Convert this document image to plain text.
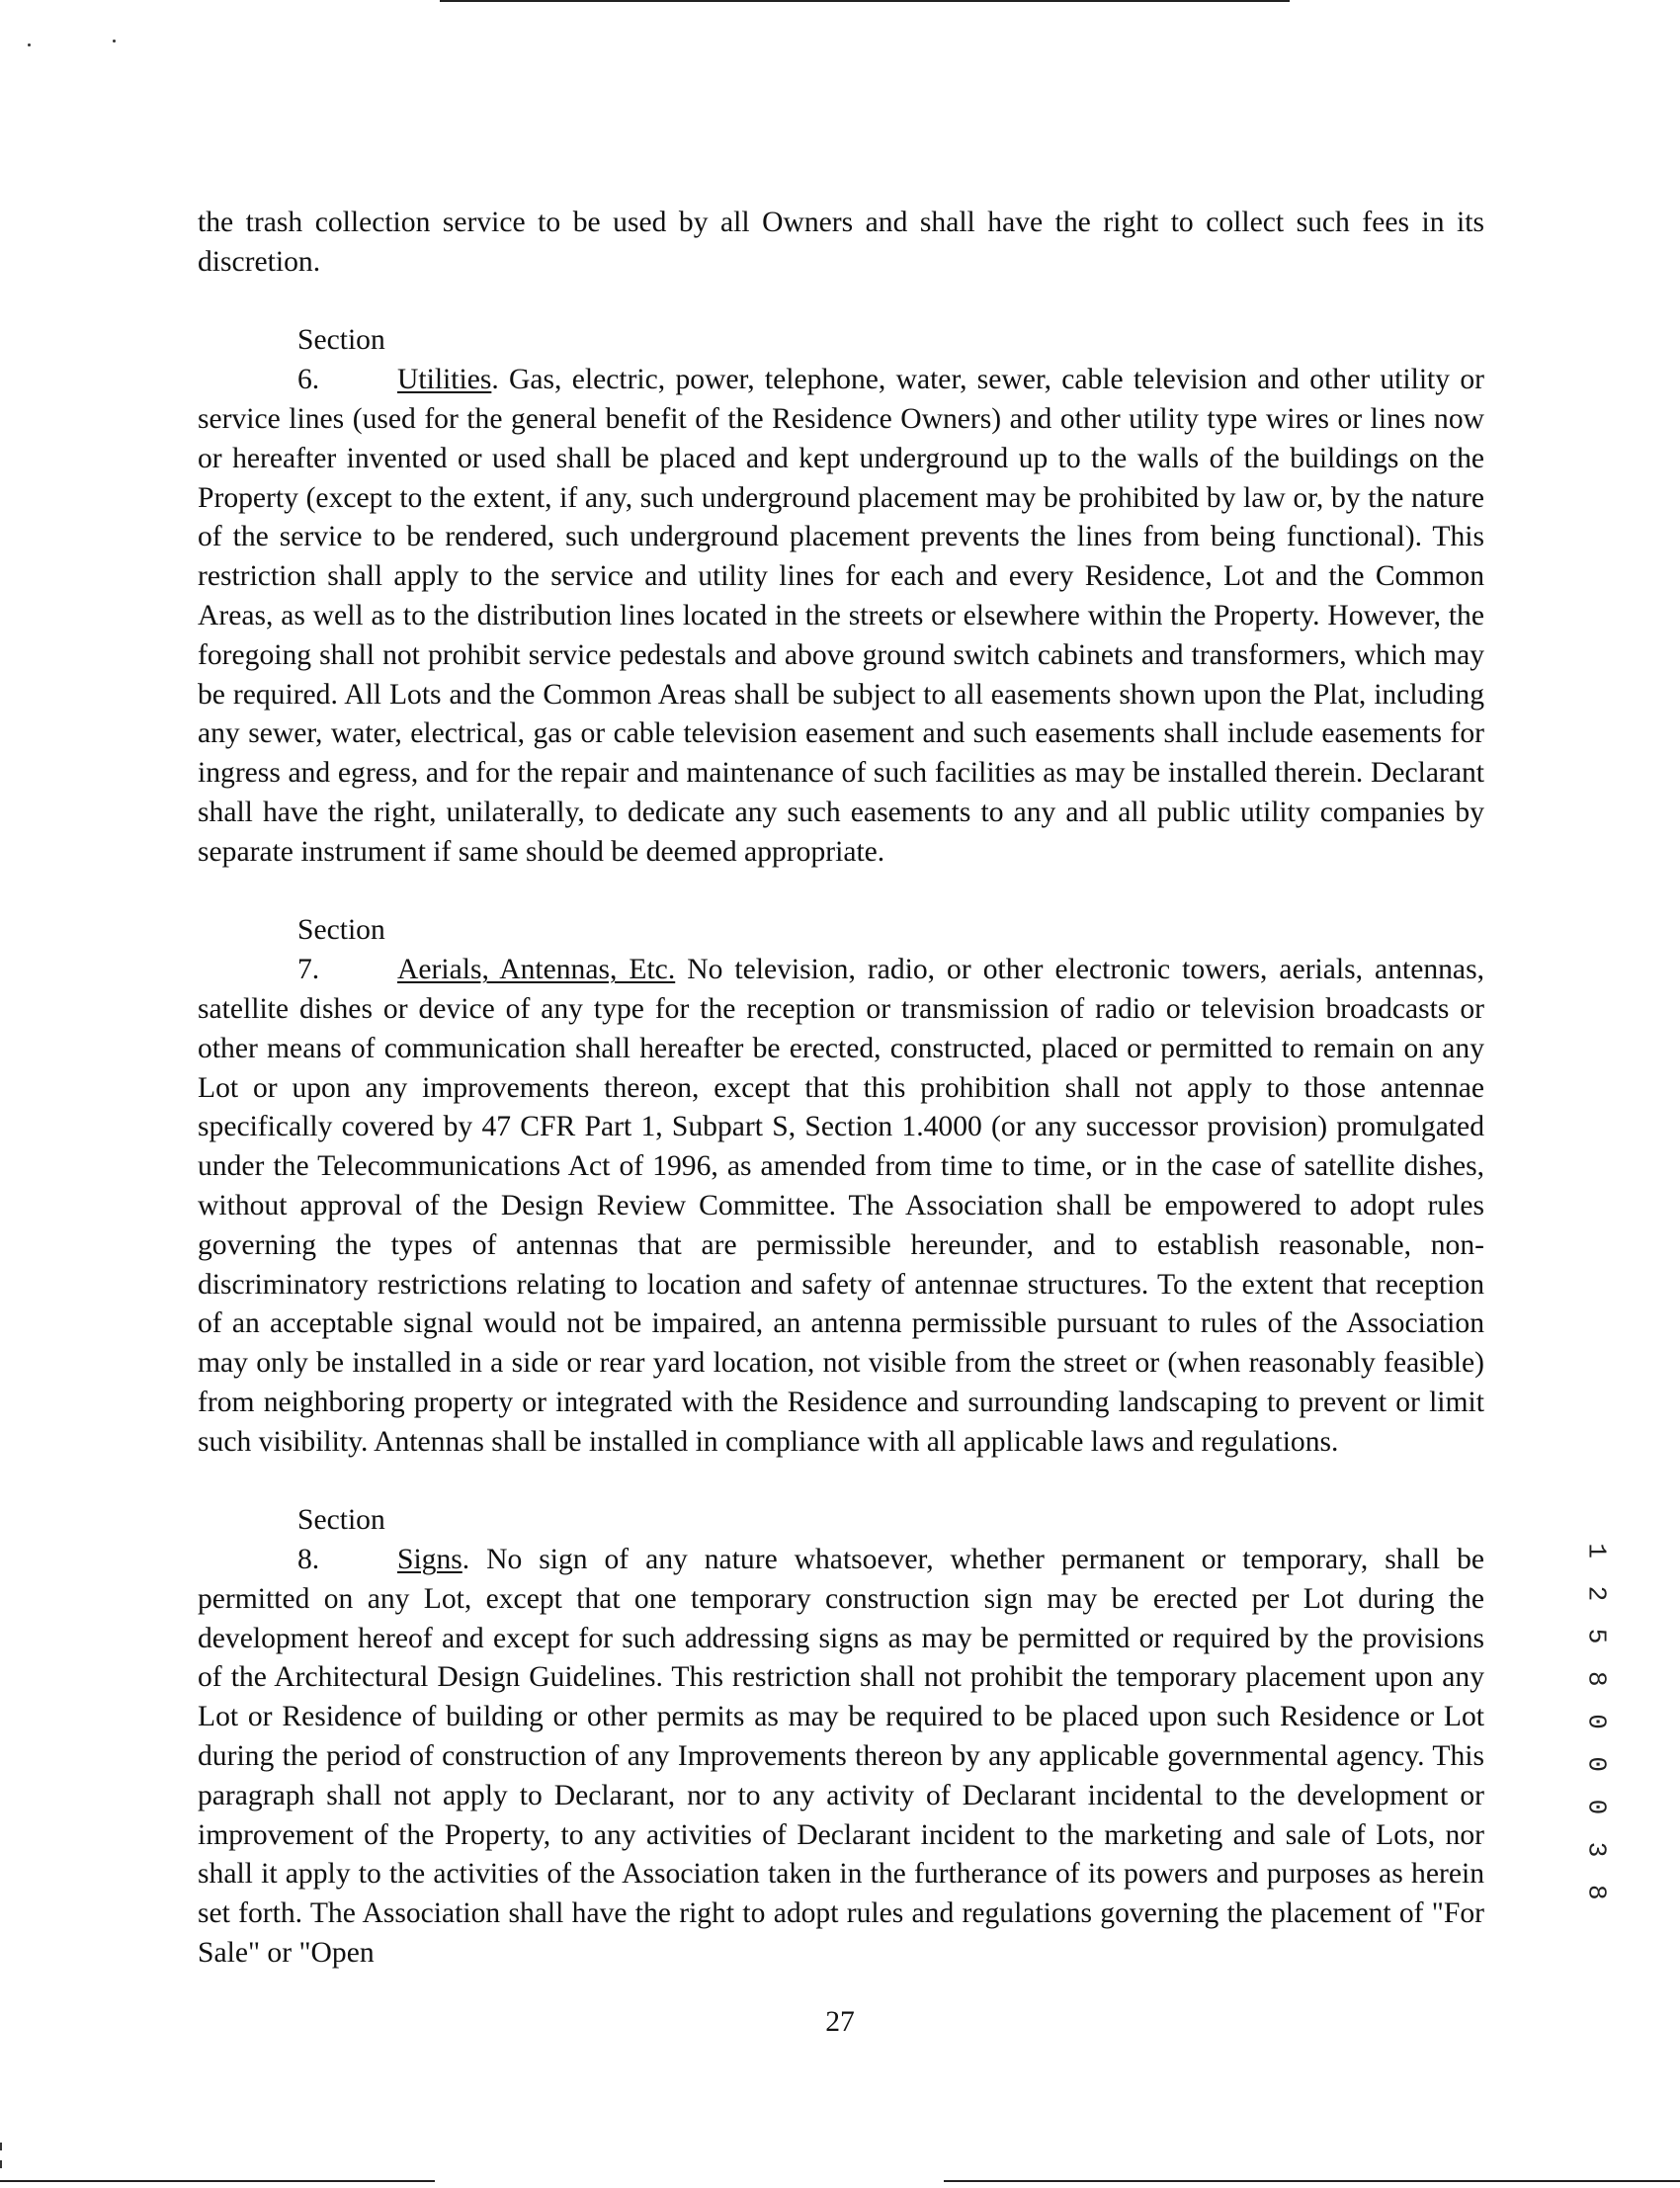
the trash collection service to be used by all Owners and shall have the right to collect such fees in its discretion.

Section 6.	Utilities. Gas, electric, power, telephone, water, sewer, cable television and other utility or service lines (used for the general benefit of the Residence Owners) and other utility type wires or lines now or hereafter invented or used shall be placed and kept underground up to the walls of the buildings on the Property (except to the extent, if any, such underground placement may be prohibited by law or, by the nature of the service to be rendered, such underground placement prevents the lines from being functional). This restriction shall apply to the service and utility lines for each and every Residence, Lot and the Common Areas, as well as to the distribution lines located in the streets or elsewhere within the Property. However, the foregoing shall not prohibit service pedestals and above ground switch cabinets and transformers, which may be required. All Lots and the Common Areas shall be subject to all easements shown upon the Plat, including any sewer, water, electrical, gas or cable television easement and such easements shall include easements for ingress and egress, and for the repair and maintenance of such facilities as may be installed therein. Declarant shall have the right, unilaterally, to dedicate any such easements to any and all public utility companies by separate instrument if same should be deemed appropriate.

Section 7.	Aerials, Antennas, Etc. No television, radio, or other electronic towers, aerials, antennas, satellite dishes or device of any type for the reception or transmission of radio or television broadcasts or other means of communication shall hereafter be erected, constructed, placed or permitted to remain on any Lot or upon any improvements thereon, except that this prohibition shall not apply to those antennae specifically covered by 47 CFR Part 1, Subpart S, Section 1.4000 (or any successor provision) promulgated under the Telecommunications Act of 1996, as amended from time to time, or in the case of satellite dishes, without approval of the Design Review Committee. The Association shall be empowered to adopt rules governing the types of antennas that are permissible hereunder, and to establish reasonable, non-discriminatory restrictions relating to location and safety of antennae structures. To the extent that reception of an acceptable signal would not be impaired, an antenna permissible pursuant to rules of the Association may only be installed in a side or rear yard location, not visible from the street or (when reasonably feasible) from neighboring property or integrated with the Residence and surrounding landscaping to prevent or limit such visibility. Antennas shall be installed in compliance with all applicable laws and regulations.

Section 8.	Signs. No sign of any nature whatsoever, whether permanent or temporary, shall be permitted on any Lot, except that one temporary construction sign may be erected per Lot during the development hereof and except for such addressing signs as may be permitted or required by the provisions of the Architectural Design Guidelines. This restriction shall not prohibit the temporary placement upon any Lot or Residence of building or other permits as may be required to be placed upon such Residence or Lot during the period of construction of any Improvements thereon by any applicable governmental agency. This paragraph shall not apply to Declarant, nor to any activity of Declarant incidental to the development or improvement of the Property, to any activities of Declarant incident to the marketing and sale of Lots, nor shall it apply to the activities of the Association taken in the furtherance of its powers and purposes as herein set forth. The Association shall have the right to adopt rules and regulations governing the placement of "For Sale" or "Open

1 2 5 8 0 0 0 3 8
27
